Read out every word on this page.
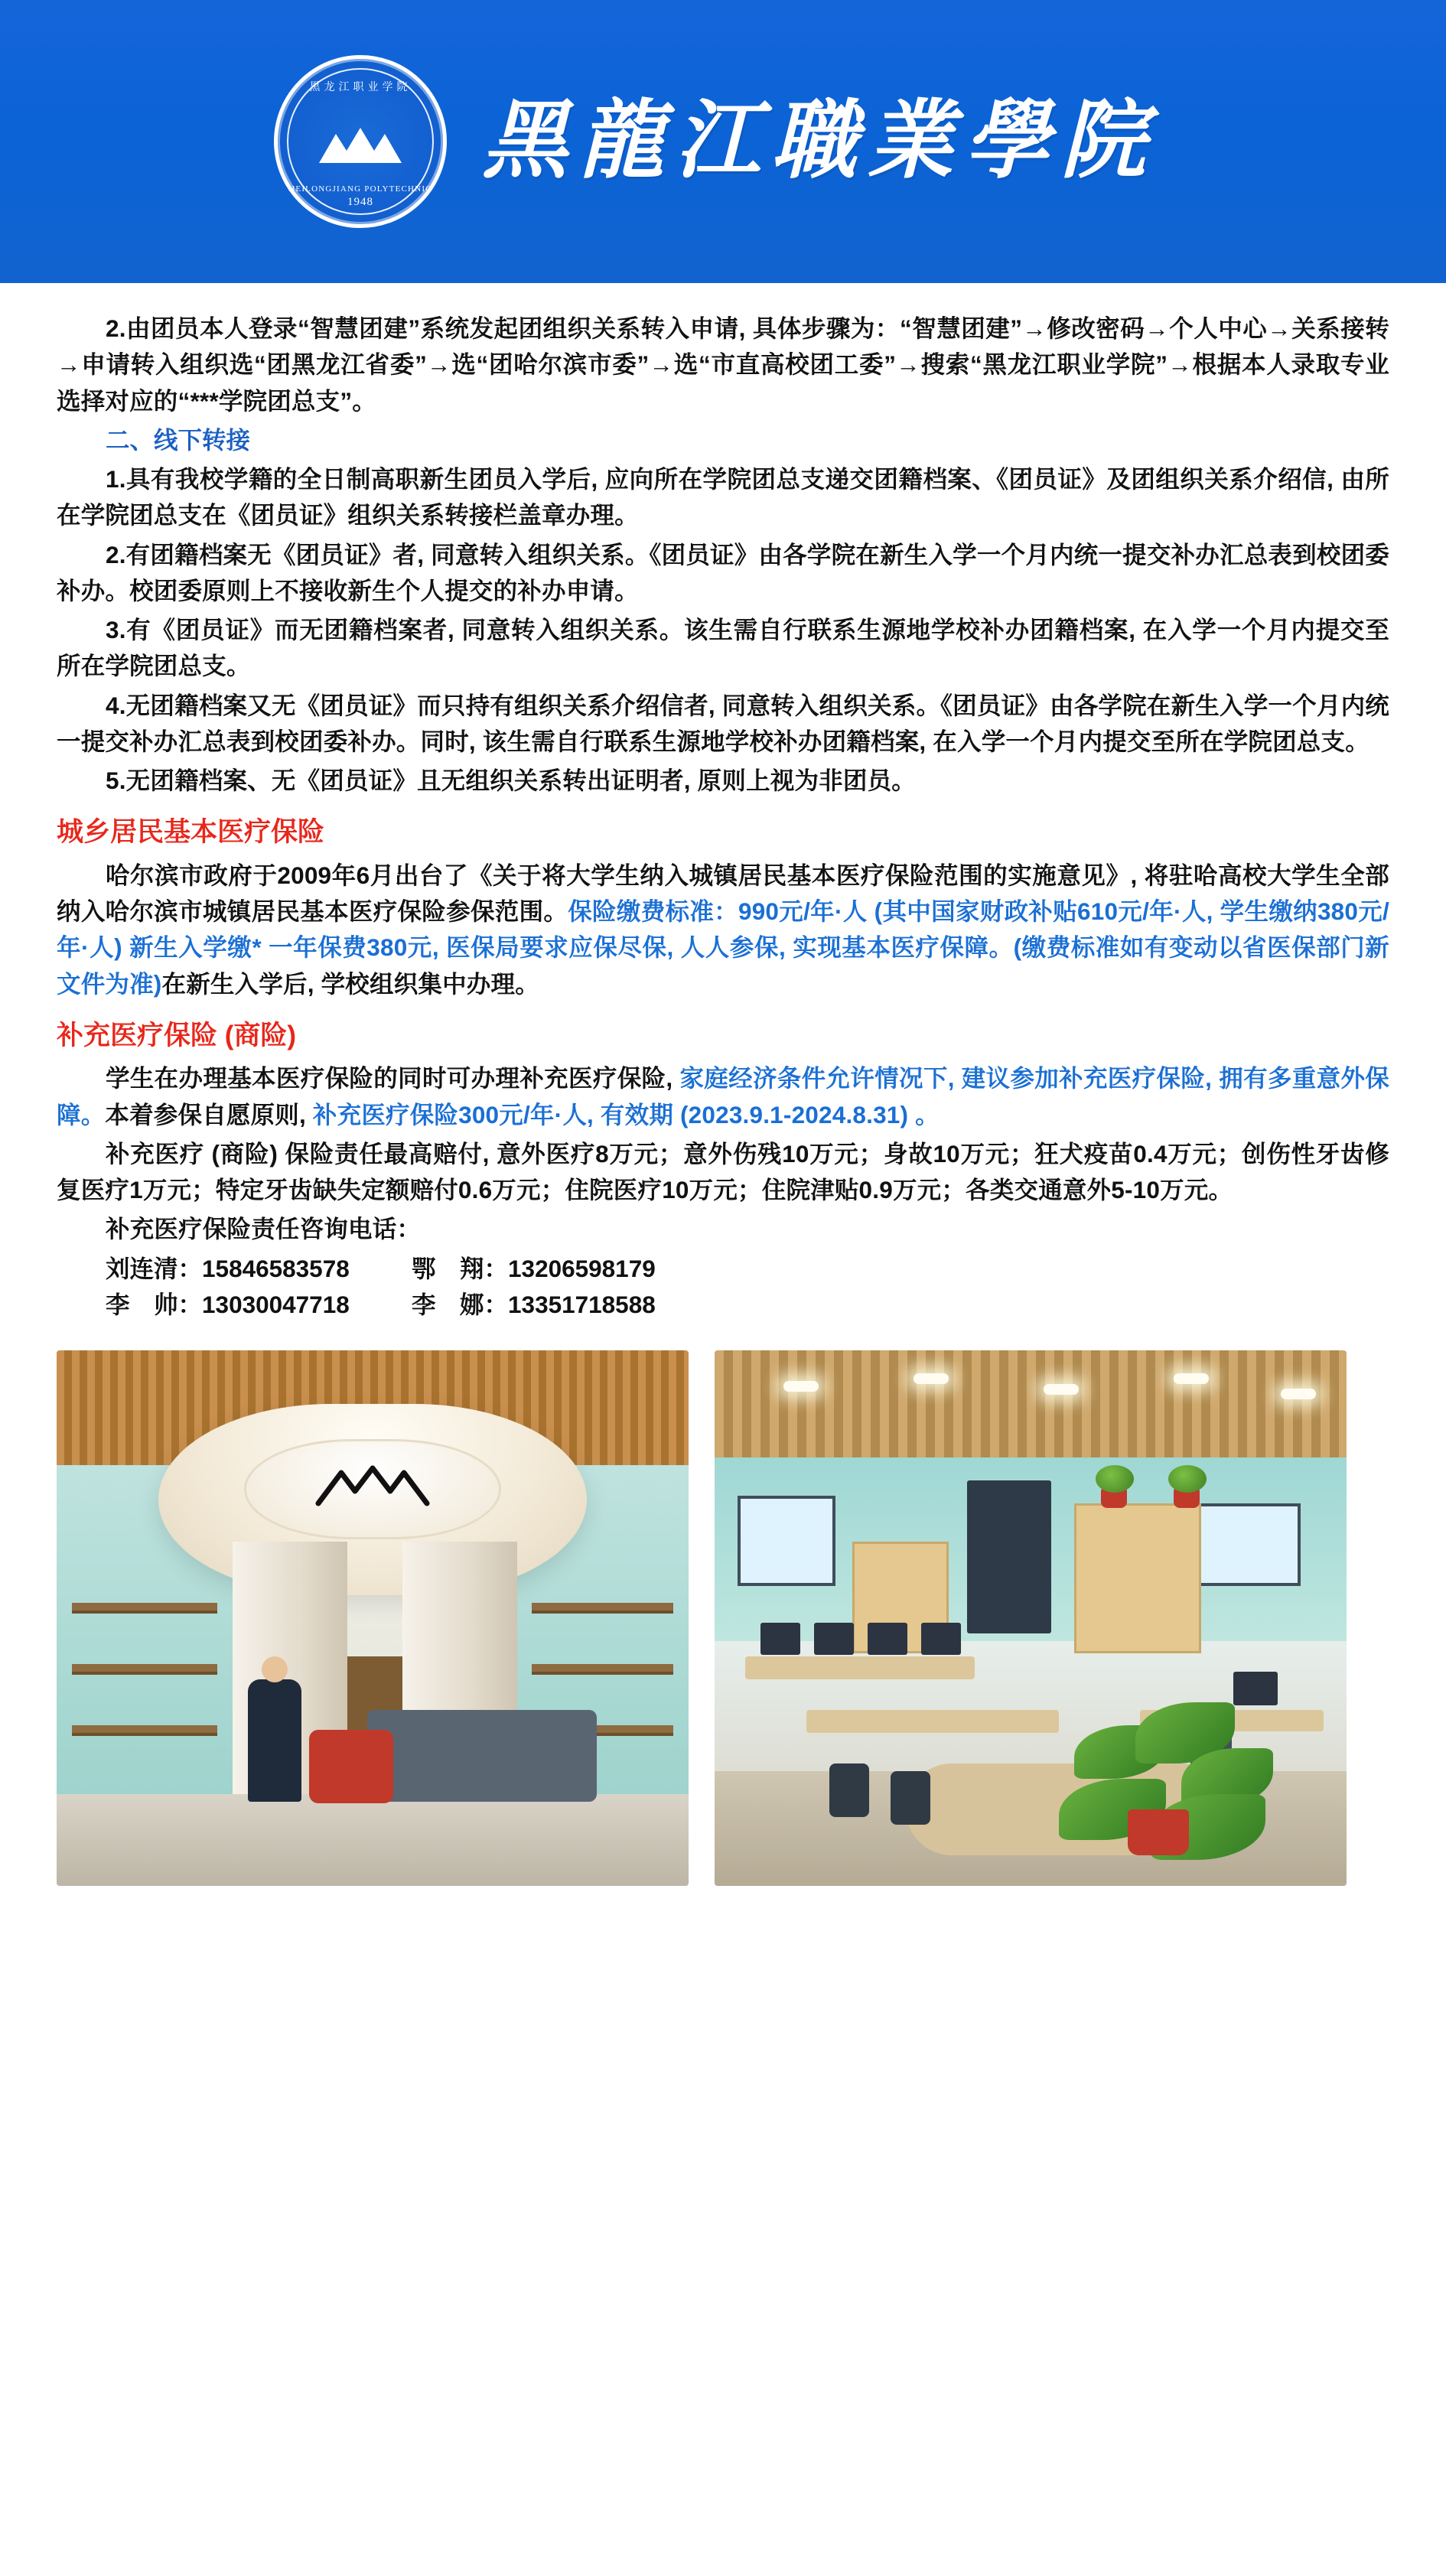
黑龙江职业学院
HEILONGJIANG POLYTECHNIC
1948
黑龍江職業學院

2.由团员本人登录“智慧团建”系统发起团组织关系转入申请, 具体步骤为：“智慧团建”→修改密码→个人中心→关系接转→申请转入组织选“团黑龙江省委”→选“团哈尔滨市委”→选“市直高校团工委”→搜索“黑龙江职业学院”→根据本人录取专业选择对应的“***学院团总支”。

二、线下转接

1.具有我校学籍的全日制高职新生团员入学后, 应向所在学院团总支递交团籍档案、《团员证》及团组织关系介绍信, 由所在学院团总支在《团员证》组织关系转接栏盖章办理。

2.有团籍档案无《团员证》者, 同意转入组织关系。《团员证》由各学院在新生入学一个月内统一提交补办汇总表到校团委补办。校团委原则上不接收新生个人提交的补办申请。

3.有《团员证》而无团籍档案者, 同意转入组织关系。该生需自行联系生源地学校补办团籍档案, 在入学一个月内提交至所在学院团总支。

4.无团籍档案又无《团员证》而只持有组织关系介绍信者, 同意转入组织关系。《团员证》由各学院在新生入学一个月内统一提交补办汇总表到校团委补办。同时, 该生需自行联系生源地学校补办团籍档案, 在入学一个月内提交至所在学院团总支。

5.无团籍档案、无《团员证》且无组织关系转出证明者, 原则上视为非团员。

城乡居民基本医疗保险

哈尔滨市政府于2009年6月出台了《关于将大学生纳入城镇居民基本医疗保险范围的实施意见》, 将驻哈高校大学生全部纳入哈尔滨市城镇居民基本医疗保险参保范围。保险缴费标准：990元/年·人 (其中国家财政补贴610元/年·人, 学生缴纳380元/年·人) 新生入学缴* 一年保费380元, 医保局要求应保尽保, 人人参保, 实现基本医疗保障。(缴费标准如有变动以省医保部门新文件为准)在新生入学后, 学校组织集中办理。

补充医疗保险 (商险)

学生在办理基本医疗保险的同时可办理补充医疗保险, 家庭经济条件允许情况下, 建议参加补充医疗保险, 拥有多重意外保障。本着参保自愿原则, 补充医疗保险300元/年·人, 有效期 (2023.9.1-2024.8.31) 。

补充医疗 (商险) 保险责任最高赔付, 意外医疗8万元；意外伤残10万元；身故10万元；狂犬疫苗0.4万元；创伤性牙齿修复医疗1万元；特定牙齿缺失定额赔付0.6万元；住院医疗10万元；住院津贴0.9万元；各类交通意外5-10万元。

补充医疗保险责任咨询电话：

刘连清：15846583578	鄂　翔：13206598179
李　帅：13030047718	李　娜：13351718588
